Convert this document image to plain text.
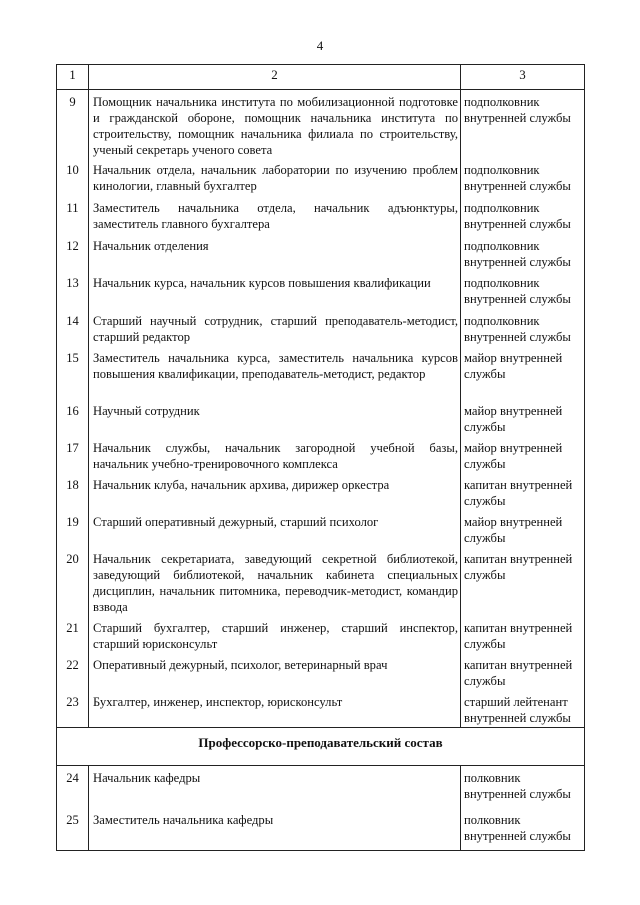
4
1	2	3
9	Помощник начальника института по мобилизационной подготовке и гражданской обороне, помощник начальника института по строительству, помощник начальника филиала по строительству, ученый секретарь ученого совета	подполковник внутренней службы
10	Начальник отдела, начальник лаборатории по изучению проблем кинологии, главный бухгалтер	подполковник внутренней службы
11	Заместитель начальника отдела, начальник адъюнктуры, заместитель главного бухгалтера	подполковник внутренней службы
12	Начальник отделения	подполковник внутренней службы
13	Начальник курса, начальник курсов повышения квалификации	подполковник внутренней службы
14	Старший научный сотрудник, старший преподаватель-методист, старший редактор	подполковник внутренней службы
15	Заместитель начальника курса, заместитель начальника курсов повышения квалификации, преподаватель-методист, редактор	майор внутренней службы
16	Научный сотрудник	майор внутренней службы
17	Начальник службы, начальник загородной учебной базы, начальник учебно-тренировочного комплекса	майор внутренней службы
18	Начальник клуба, начальник архива, дирижер оркестра	капитан внутренней службы
19	Старший оперативный дежурный, старший психолог	майор внутренней службы
20	Начальник секретариата, заведующий секретной библиотекой, заведующий библиотекой, начальник кабинета специальных дисциплин, начальник питомника, переводчик-методист, командир взвода	капитан внутренней службы
21	Старший бухгалтер, старший инженер, старший инспектор, старший юрисконсульт	капитан внутренней службы
22	Оперативный дежурный, психолог, ветеринарный врач	капитан внутренней службы
23	Бухгалтер, инженер, инспектор, юрисконсульт	старший лейтенант внутренней службы
Профессорско-преподавательский состав		
24	Начальник кафедры	полковник внутренней службы
25	Заместитель начальника кафедры	полковник внутренней службы
